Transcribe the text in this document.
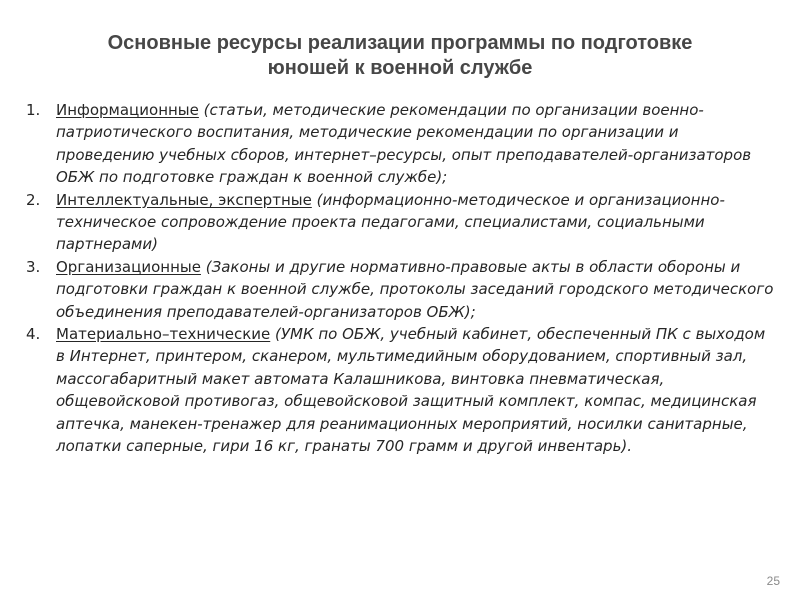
Основные ресурсы реализации программы по подготовке
юношей к военной службе
1. Информационные (статьи, методические рекомендации по организации военно-патриотического воспитания, методические рекомендации по организации и проведению учебных сборов, интернет–ресурсы, опыт преподавателей-организаторов ОБЖ по подготовке граждан к военной службе);
2. Интеллектуальные, экспертные (информационно-методическое и организационно-техническое сопровождение проекта педагогами, специалистами, социальными партнерами)
3. Организационные (Законы и другие нормативно-правовые акты в области обороны и подготовки граждан к военной службе, протоколы заседаний городского методического объединения преподавателей-организаторов ОБЖ);
4. Материально–технические (УМК по ОБЖ, учебный кабинет, обеспеченный ПК с выходом в Интернет, принтером, сканером, мультимедийным оборудованием, спортивный зал, массогабаритный макет автомата Калашникова, винтовка пневматическая, общевойсковой противогаз, общевойсковой защитный комплект, компас, медицинская аптечка, манекен-тренажер для реанимационных мероприятий, носилки санитарные, лопатки саперные, гири 16 кг, гранаты 700 грамм и другой инвентарь).
25
